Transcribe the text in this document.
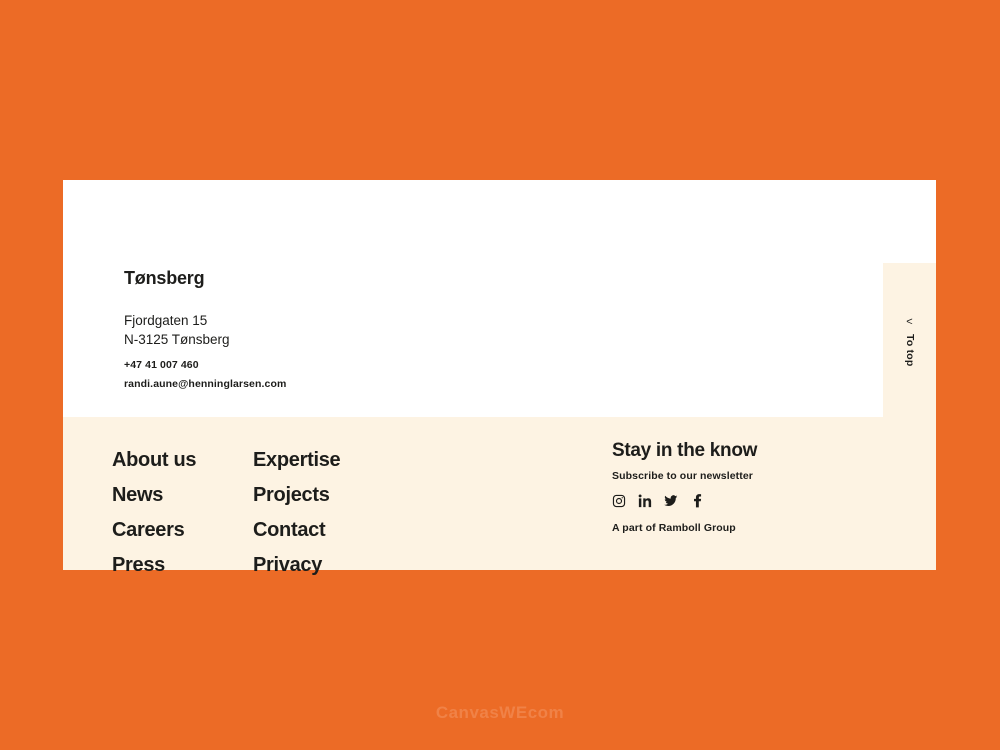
Tønsberg
Fjordgaten 15
N-3125 Tønsberg
+47 41 007 460
randi.aune@henninglarsen.com
<
To top
About us
News
Careers
Press
Expertise
Projects
Contact
Privacy
Stay in the know
Subscribe to our newsletter
A part of Ramboll Group
CanvasWEcom
